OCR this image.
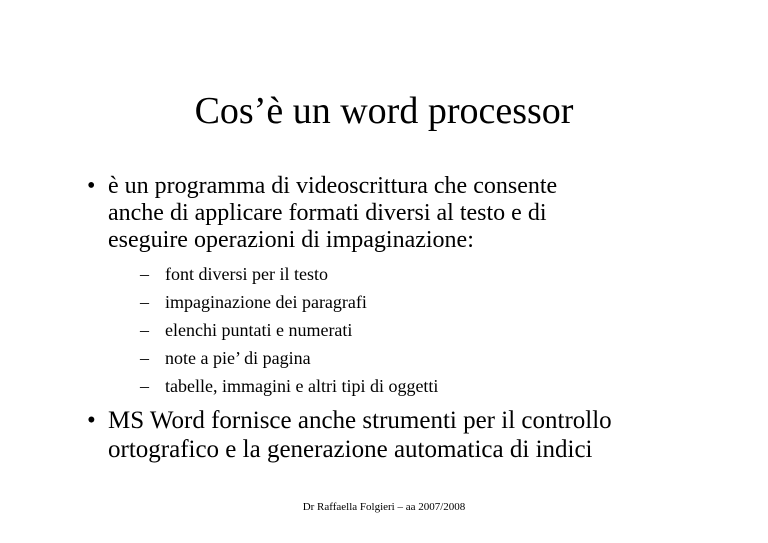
Cos’è un word processor
• è un programma di videoscrittura che consente
anche di applicare formati diversi al testo e di
eseguire operazioni di impaginazione:
– font diversi per il testo
– impaginazione dei paragrafi
– elenchi puntati e numerati
– note a pie’ di pagina
– tabelle, immagini e altri tipi di oggetti
• MS Word fornisce anche strumenti per il controllo
ortografico e la generazione automatica di indici
Dr Raffaella Folgieri – aa 2007/2008
